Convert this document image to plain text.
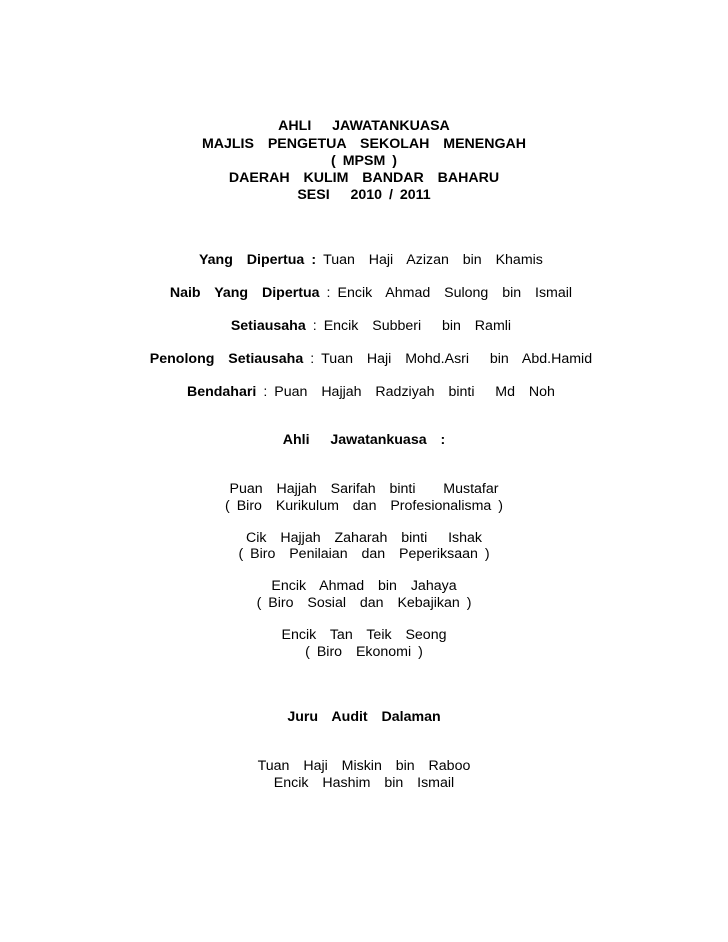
AHLI   JAWATANKUASA
MAJLIS  PENGETUA  SEKOLAH  MENENGAH
( MPSM )
DAERAH  KULIM  BANDAR  BAHARU
SESI   2010 / 2011

Yang  Dipertua : Tuan  Haji  Azizan  bin  Khamis

Naib  Yang  Dipertua : Encik  Ahmad  Sulong  bin  Ismail

Setiausaha : Encik  Subberi   bin  Ramli

Penolong  Setiausaha : Tuan  Haji  Mohd.Asri   bin  Abd.Hamid

Bendahari : Puan  Hajjah  Radziyah  binti   Md  Noh

Ahli   Jawatankuasa  :
Puan  Hajjah  Sarifah  binti    Mustafar
( Biro  Kurikulum  dan  Profesionalisma )
Cik  Hajjah  Zaharah  binti   Ishak
( Biro  Penilaian  dan  Peperiksaan )
Encik  Ahmad  bin  Jahaya
( Biro  Sosial  dan  Kebajikan )
Encik  Tan  Teik  Seong
( Biro  Ekonomi )
Juru  Audit  Dalaman
Tuan  Haji  Miskin  bin  Raboo
Encik  Hashim  bin  Ismail
